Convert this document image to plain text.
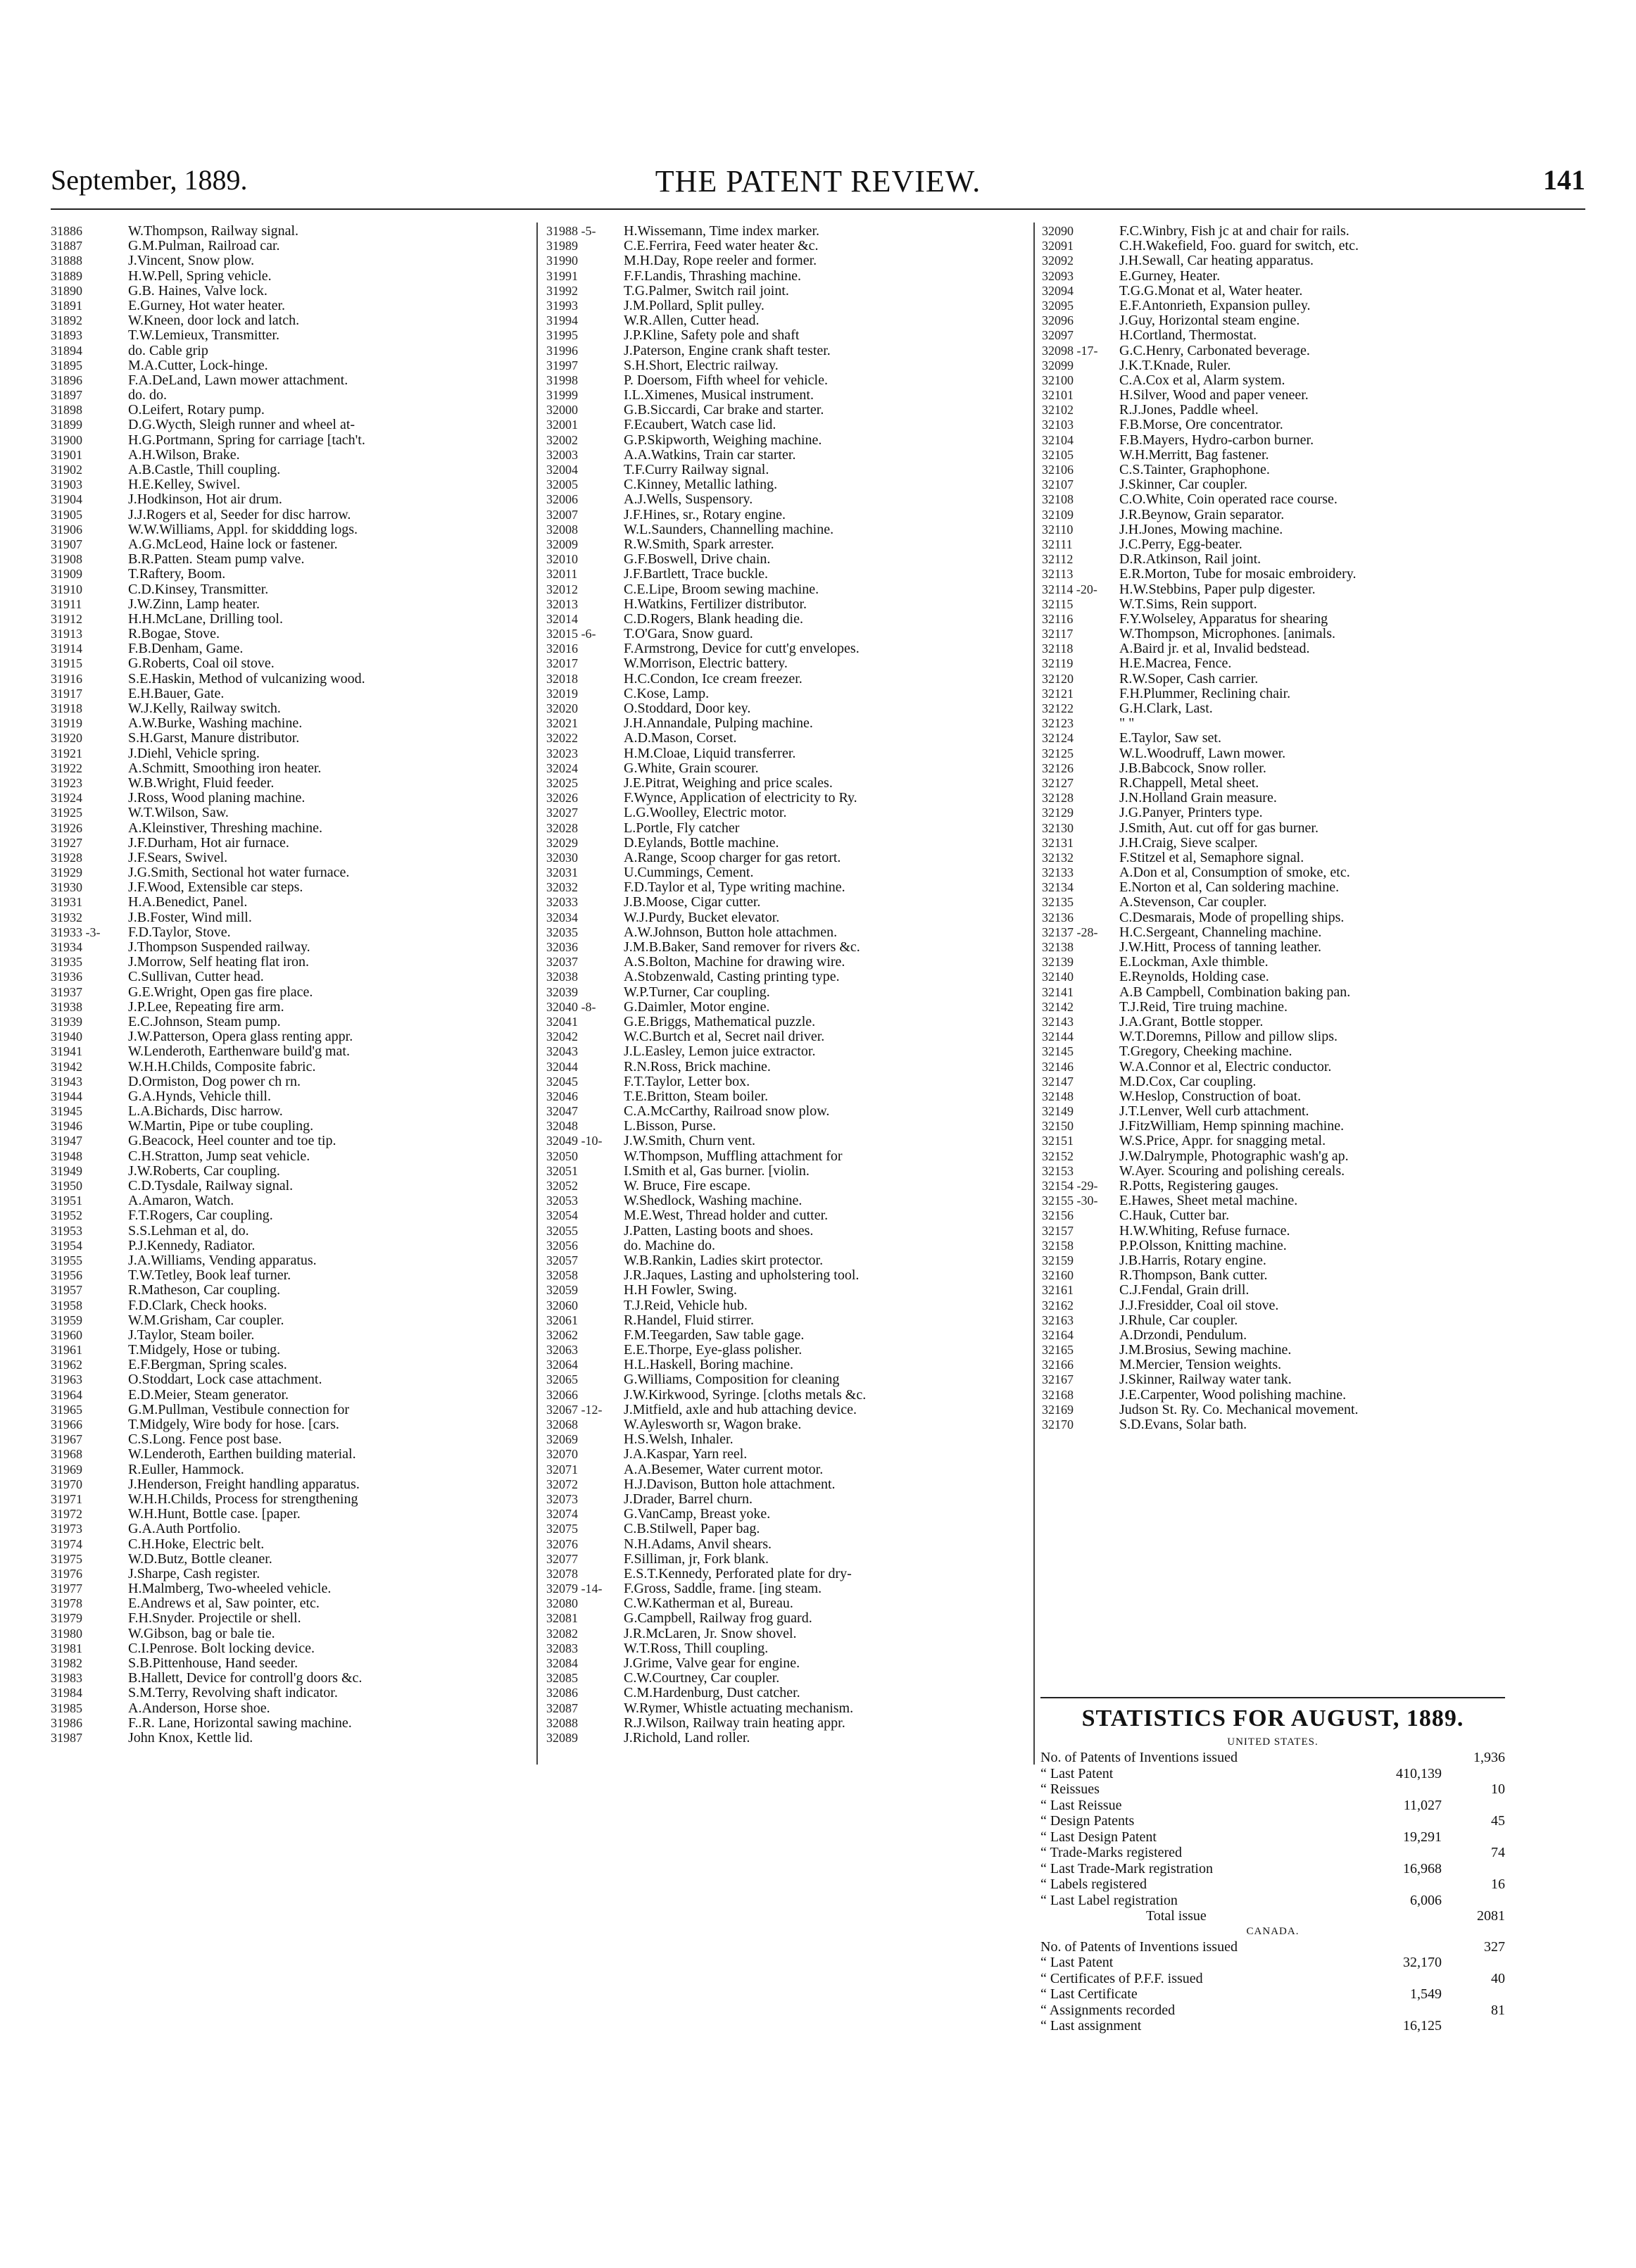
September, 1889.	THE PATENT REVIEW.	141
31886	W.Thompson, Railway signal.
31887	G.M.Pulman, Railroad car.
31888	J.Vincent, Snow plow.
31889	H.W.Pell, Spring vehicle.
31890	G.B. Haines, Valve lock.
31891	E.Gurney, Hot water heater.
31892	W.Kneen, door lock and latch.
31893	T.W.Lemieux, Transmitter.
31894	do. Cable grip
31895	M.A.Cutter, Lock-hinge.
31896	F.A.DeLand, Lawn mower attachment.
31897	do. do.
31898	O.Leifert, Rotary pump.
31899	D.G.Wycth, Sleigh runner and wheel at-
31900	H.G.Portmann, Spring for carriage [tach't.
31901	A.H.Wilson, Brake.
31902	A.B.Castle, Thill coupling.
31903	H.E.Kelley, Swivel.
31904	J.Hodkinson, Hot air drum.
31905	J.J.Rogers et al, Seeder for disc harrow.
31906	W.W.Williams, Appl. for skiddding logs.
31907	A.G.McLeod, Haine lock or fastener.
31908	B.R.Patten. Steam pump valve.
31909	T.Raftery, Boom.
31910	C.D.Kinsey, Transmitter.
31911	J.W.Zinn, Lamp heater.
31912	H.H.McLane, Drilling tool.
31913	R.Bogae, Stove.
31914	F.B.Denham, Game.
31915	G.Roberts, Coal oil stove.
31916	S.E.Haskin, Method of vulcanizing wood.
31917	E.H.Bauer, Gate.
31918	W.J.Kelly, Railway switch.
31919	A.W.Burke, Washing machine.
31920	S.H.Garst, Manure distributor.
31921	J.Diehl, Vehicle spring.
31922	A.Schmitt, Smoothing iron heater.
31923	W.B.Wright, Fluid feeder.
31924	J.Ross, Wood planing machine.
31925	W.T.Wilson, Saw.
31926	A.Kleinstiver, Threshing machine.
31927	J.F.Durham, Hot air furnace.
31928	J.F.Sears, Swivel.
31929	J.G.Smith, Sectional hot water furnace.
31930	J.F.Wood, Extensible car steps.
31931	H.A.Benedict, Panel.
31932	J.B.Foster, Wind mill.
31933 -3- F.D.Taylor, Stove.
31934	J.Thompson Suspended railway.
31935	J.Morrow, Self heating flat iron.
31936	C.Sullivan, Cutter head.
31937	G.E.Wright, Open gas fire place.
31938	J.P.Lee, Repeating fire arm.
31939	E.C.Johnson, Steam pump.
31940	J.W.Patterson, Opera glass renting appr.
31941	W.Lenderoth, Earthenware build'g mat.
31942	W.H.H.Childs, Composite fabric.
31943	D.Ormiston, Dog power ch rn.
31944	G.A.Hynds, Vehicle thill.
31945	L.A.Bichards, Disc harrow.
31946	W.Martin, Pipe or tube coupling.
31947	G.Beacock, Heel counter and toe tip.
31948	C.H.Stratton, Jump seat vehicle.
31949	J.W.Roberts, Car coupling.
31950	C.D.Tysdale, Railway signal.
31951	A.Amaron, Watch.
31952	F.T.Rogers, Car coupling.
31953	S.S.Lehman et al, do.
31954	P.J.Kennedy, Radiator.
31955	J.A.Williams, Vending apparatus.
31956	T.W.Tetley, Book leaf turner.
31957	R.Matheson, Car coupling.
31958	F.D.Clark, Check hooks.
31959	W.M.Grisham, Car coupler.
31960	J.Taylor, Steam boiler.
31961	T.Midgely, Hose or tubing.
31962	E.F.Bergman, Spring scales.
31963	O.Stoddart, Lock case attachment.
31964	E.D.Meier, Steam generator.
31965	G.M.Pullman, Vestibule connection for
31966	T.Midgely, Wire body for hose. [cars.
31967	C.S.Long. Fence post base.
31968	W.Lenderoth, Earthen building material.
31969	R.Euller, Hammock.
31970	J.Henderson, Freight handling apparatus.
31971	W.H.H.Childs, Process for strengthening
31972	W.H.Hunt, Bottle case. [paper.
31973	G.A.Auth Portfolio.
31974	C.H.Hoke, Electric belt.
31975	W.D.Butz, Bottle cleaner.
31976	J.Sharpe, Cash register.
31977	H.Malmberg, Two-wheeled vehicle.
31978	E.Andrews et al, Saw pointer, etc.
31979	F.H.Snyder. Projectile or shell.
31980	W.Gibson, bag or bale tie.
31981	C.I.Penrose. Bolt locking device.
31982	S.B.Pittenhouse, Hand seeder.
31983	B.Hallett, Device for controll'g doors &c.
31984	S.M.Terry, Revolving shaft indicator.
31985	A.Anderson, Horse shoe.
31986	F..R. Lane, Horizontal sawing machine.
31987	John Knox, Kettle lid.
31988 -5- H.Wissemann, Time index marker.
31989	C.E.Ferrira, Feed water heater &c.
31990	M.H.Day, Rope reeler and former.
31991	F.F.Landis, Thrashing machine.
31992	T.G.Palmer, Switch rail joint.
31993	J.M.Pollard, Split pulley.
31994	W.R.Allen, Cutter head.
31995	J.P.Kline, Safety pole and shaft
31996	J.Paterson, Engine crank shaft tester.
31997	S.H.Short, Electric railway.
31998	P. Doersom, Fifth wheel for vehicle.
31999	I.L.Ximenes, Musical instrument.
32000	G.B.Siccardi, Car brake and starter.
32001	F.Ecaubert, Watch case lid.
32002	G.P.Skipworth, Weighing machine.
32003	A.A.Watkins, Train car starter.
32004	T.F.Curry Railway signal.
32005	C.Kinney, Metallic lathing.
32006	A.J.Wells, Suspensory.
32007	J.F.Hines, sr., Rotary engine.
32008	W.L.Saunders, Channelling machine.
32009	R.W.Smith, Spark arrester.
32010	G.F.Boswell, Drive chain.
32011	J.F.Bartlett, Trace buckle.
32012	C.E.Lipe, Broom sewing machine.
32013	H.Watkins, Fertilizer distributor.
32014	C.D.Rogers, Blank heading die.
32015 -6- T.O'Gara, Snow guard.
32016	F.Armstrong, Device for cutt'g envelopes.
32017	W.Morrison, Electric battery.
32018	H.C.Condon, Ice cream freezer.
32019	C.Kose, Lamp.
32020	O.Stoddard, Door key.
32021	J.H.Annandale, Pulping machine.
32022	A.D.Mason, Corset.
32023	H.M.Cloae, Liquid transferrer.
32024	G.White, Grain scourer.
32025	J.E.Pitrat, Weighing and price scales.
32026	F.Wynce, Application of electricity to Ry.
32027	L.G.Woolley, Electric motor.
32028	L.Portle, Fly catcher
32029	D.Eylands, Bottle machine.
32030	A.Range, Scoop charger for gas retort.
32031	U.Cummings, Cement.
32032	F.D.Taylor et al, Type writing machine.
32033	J.B.Moose, Cigar cutter.
32034	W.J.Purdy, Bucket elevator.
32035	A.W.Johnson, Button hole attachmen.
32036	J.M.B.Baker, Sand remover for rivers &c.
32037	A.S.Bolton, Machine for drawing wire.
32038	A.Stobzenwald, Casting printing type.
32039	W.P.Turner, Car coupling.
32040 -8- G.Daimler, Motor engine.
32041	G.E.Briggs, Mathematical puzzle.
32042	W.C.Burtch et al, Secret nail driver.
32043	J.L.Easley, Lemon juice extractor.
32044	R.N.Ross, Brick machine.
32045	F.T.Taylor, Letter box.
32046	T.E.Britton, Steam boiler.
32047	C.A.McCarthy, Railroad snow plow.
32048	L.Bisson, Purse.
32049 -10- J.W.Smith, Churn vent.
32050	W.Thompson, Muffling attachment for
32051	I.Smith et al, Gas burner. [violin.
32052	W. Bruce, Fire escape.
32053	W.Shedlock, Washing machine.
32054	M.E.West, Thread holder and cutter.
32055	J.Patten, Lasting boots and shoes.
32056	do. Machine do.
32057	W.B.Rankin, Ladies skirt protector.
32058	J.R.Jaques, Lasting and upholstering tool.
32059	H.H Fowler, Swing.
32060	T.J.Reid, Vehicle hub.
32061	R.Handel, Fluid stirrer.
32062	F.M.Teegarden, Saw table gage.
32063	E.E.Thorpe, Eye-glass polisher.
32064	H.L.Haskell, Boring machine.
32065	G.Williams, Composition for cleaning
32066	J.W.Kirkwood, Syringe. [cloths metals &c.
32067 -12- J.Mitfield, axle and hub attaching device.
32068	W.Aylesworth sr, Wagon brake.
32069	H.S.Welsh, Inhaler.
32070	J.A.Kaspar, Yarn reel.
32071	A.A.Besemer, Water current motor.
32072	H.J.Davison, Button hole attachment.
32073	J.Drader, Barrel churn.
32074	G.VanCamp, Breast yoke.
32075	C.B.Stilwell, Paper bag.
32076	N.H.Adams, Anvil shears.
32077	F.Silliman, jr, Fork blank.
32078	E.S.T.Kennedy, Perforated plate for dry-
32079 -14- F.Gross, Saddle, frame. [ing steam.
32080	C.W.Katherman et al, Bureau.
32081	G.Campbell, Railway frog guard.
32082	J.R.McLaren, Jr. Snow shovel.
32083	W.T.Ross, Thill coupling.
32084	J.Grime, Valve gear for engine.
32085	C.W.Courtney, Car coupler.
32086	C.M.Hardenburg, Dust catcher.
32087	W.Rymer, Whistle actuating mechanism.
32088	R.J.Wilson, Railway train heating appr.
32089	J.Richold, Land roller.
32090	F.C.Winbry, Fish jc at and chair for rails.
32091	C.H.Wakefield, Foo. guard for switch, etc.
32092	J.H.Sewall, Car heating apparatus.
32093	E.Gurney, Heater.
32094	T.G.G.Monat et al, Water heater.
32095	E.F.Antonrieth, Expansion pulley.
32096	J.Guy, Horizontal steam engine.
32097	H.Cortland, Thermostat.
32098 -17- G.C.Henry, Carbonated beverage.
32099	J.K.T.Knade, Ruler.
32100	C.A.Cox et al, Alarm system.
32101	H.Silver, Wood and paper veneer.
32102	R.J.Jones, Paddle wheel.
32103	F.B.Morse, Ore concentrator.
32104	F.B.Mayers, Hydro-carbon burner.
32105	W.H.Merritt, Bag fastener.
32106	C.S.Tainter, Graphophone.
32107	J.Skinner, Car coupler.
32108	C.O.White, Coin operated race course.
32109	J.R.Beynow, Grain separator.
32110	J.H.Jones, Mowing machine.
32111	J.C.Perry, Egg-beater.
32112	D.R.Atkinson, Rail joint.
32113	E.R.Morton, Tube for mosaic embroidery.
32114 -20- H.W.Stebbins, Paper pulp digester.
32115	W.T.Sims, Rein support.
32116	F.Y.Wolseley, Apparatus for shearing
32117	W.Thompson, Microphones. [animals.
32118	A.Baird jr. et al, Invalid bedstead.
32119	H.E.Macrea, Fence.
32120	R.W.Soper, Cash carrier.
32121	F.H.Plummer, Reclining chair.
32122	G.H.Clark, Last.
32123	" "
32124	E.Taylor, Saw set.
32125	W.L.Woodruff, Lawn mower.
32126	J.B.Babcock, Snow roller.
32127	R.Chappell, Metal sheet.
32128	J.N.Holland Grain measure.
32129	J.G.Panyer, Printers type.
32130	J.Smith, Aut. cut off for gas burner.
32131	J.H.Craig, Sieve scalper.
32132	F.Stitzel et al, Semaphore signal.
32133	A.Don et al, Consumption of smoke, etc.
32134	E.Norton et al, Can soldering machine.
32135	A.Stevenson, Car coupler.
32136	C.Desmarais, Mode of propelling ships.
32137 -28- H.C.Sergeant, Channeling machine.
32138	J.W.Hitt, Process of tanning leather.
32139	E.Lockman, Axle thimble.
32140	E.Reynolds, Holding case.
32141	A.B Campbell, Combination baking pan.
32142	T.J.Reid, Tire truing machine.
32143	J.A.Grant, Bottle stopper.
32144	W.T.Doremns, Pillow and pillow slips.
32145	T.Gregory, Cheeking machine.
32146	W.A.Connor et al, Electric conductor.
32147	M.D.Cox, Car coupling.
32148	W.Heslop, Construction of boat.
32149	J.T.Lenver, Well curb attachment.
32150	J.FitzWilliam, Hemp spinning machine.
32151	W.S.Price, Appr. for snagging metal.
32152	J.W.Dalrymple, Photographic wash'g ap.
32153	W.Ayer. Scouring and polishing cereals.
32154 -29- R.Potts, Registering gauges.
32155 -30- E.Hawes, Sheet metal machine.
32156	C.Hauk, Cutter bar.
32157	H.W.Whiting, Refuse furnace.
32158	P.P.Olsson, Knitting machine.
32159	J.B.Harris, Rotary engine.
32160	R.Thompson, Bank cutter.
32161	C.J.Fendal, Grain drill.
32162	J.J.Fresidder, Coal oil stove.
32163	J.Rhule, Car coupler.
32164	A.Drzondi, Pendulum.
32165	J.M.Brosius, Sewing machine.
32166	M.Mercier, Tension weights.
32167	J.Skinner, Railway water tank.
32168	J.E.Carpenter, Wood polishing machine.
32169	Judson St. Ry. Co. Mechanical movement.
32170	S.D.Evans, Solar bath.
STATISTICS FOR AUGUST, 1889.
UNITED STATES.
No. of Patents of Inventions issued	1,936
“ Last Patent	410,139
“ Reissues	10
“ Last Reissue	11,027
“ Design Patents	45
“ Last Design Patent	19,291
“ Trade-Marks registered	74
“ Last Trade-Mark registration	16,968
“ Labels registered	16
“ Last Label registration	6,006
Total issue	2081
CANADA.
No. of Patents of Inventions issued	327
“ Last Patent	32,170
“ Certificates of P.F.F. issued	40
“ Last Certificate	1,549
“ Assignments recorded	81
“ Last assignment	16,125
